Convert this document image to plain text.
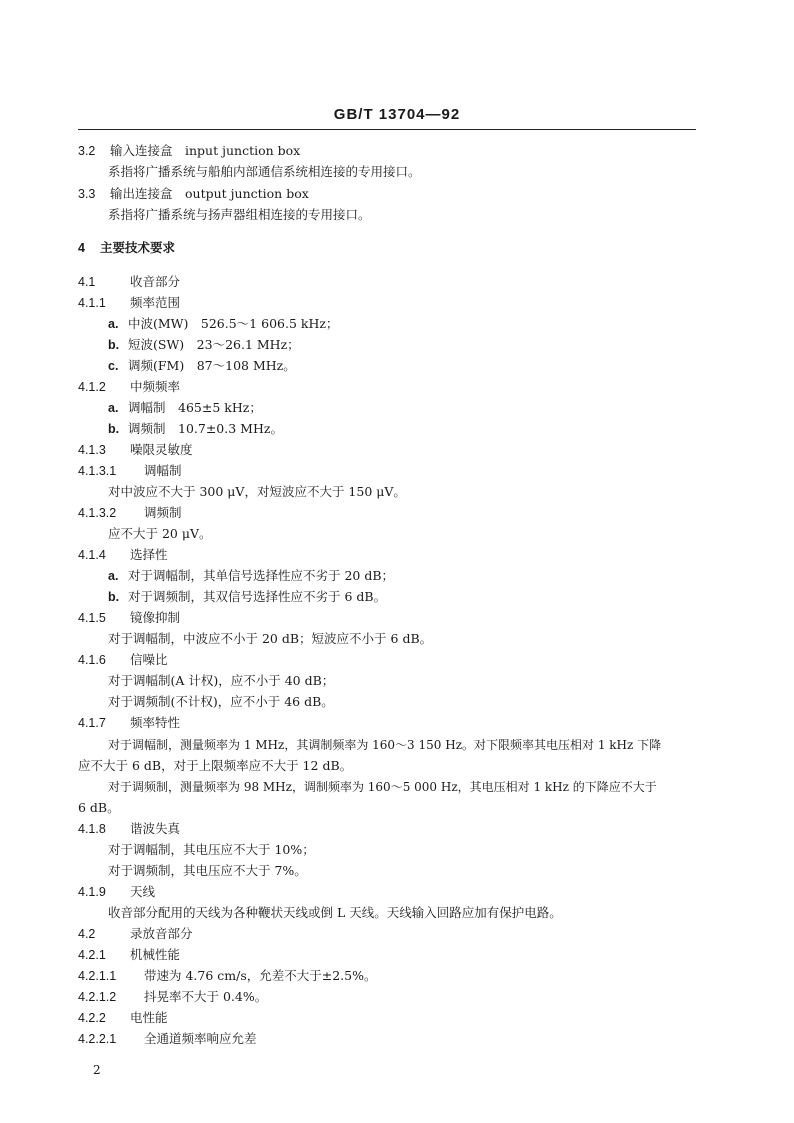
GB/T 13704—92
3.2 输入连接盒　input junction box
系指将广播系统与船舶内部通信系统相连接的专用接口。
3.3 输出连接盒　output junction box
系指将广播系统与扬声器组相连接的专用接口。
4 主要技术要求
4.1	收音部分
4.1.1 频率范围
a. 中波(MW)　526.5～1 606.5 kHz；
b. 短波(SW)　23～26.1 MHz；
c. 调频(FM)　87～108 MHz。
4.1.2 中频频率
a. 调幅制　465±5 kHz；
b. 调频制　10.7±0.3 MHz。
4.1.3 噪限灵敏度
4.1.3.1 调幅制
对中波应不大于 300 μV，对短波应不大于 150 μV。
4.1.3.2 调频制
应不大于 20 μV。
4.1.4 选择性
a. 对于调幅制，其单信号选择性应不劣于 20 dB；
b. 对于调频制，其双信号选择性应不劣于 6 dB。
4.1.5 镜像抑制
对于调幅制，中波应不小于 20 dB；短波应不小于 6 dB。
4.1.6 信噪比
对于调幅制(A 计权)，应不小于 40 dB；
对于调频制(不计权)，应不小于 46 dB。
4.1.7 频率特性
对于调幅制，测量频率为 1 MHz，其调制频率为 160～3 150 Hz。对下限频率其电压相对 1 kHz 下降
应不大于 6 dB，对于上限频率应不大于 12 dB。
对于调频制，测量频率为 98 MHz，调制频率为 160～5 000 Hz，其电压相对 1 kHz 的下降应不大于
6 dB。
4.1.8 谐波失真
对于调幅制，其电压应不大于 10%；
对于调频制，其电压应不大于 7%。
4.1.9 天线
收音部分配用的天线为各种鞭状天线或倒 L 天线。天线输入回路应加有保护电路。
4.2	录放音部分
4.2.1 机械性能
4.2.1.1 带速为 4.76 cm/s，允差不大于±2.5%。
4.2.1.2 抖晃率不大于 0.4%。
4.2.2 电性能
4.2.2.1 全通道频率响应允差
2
